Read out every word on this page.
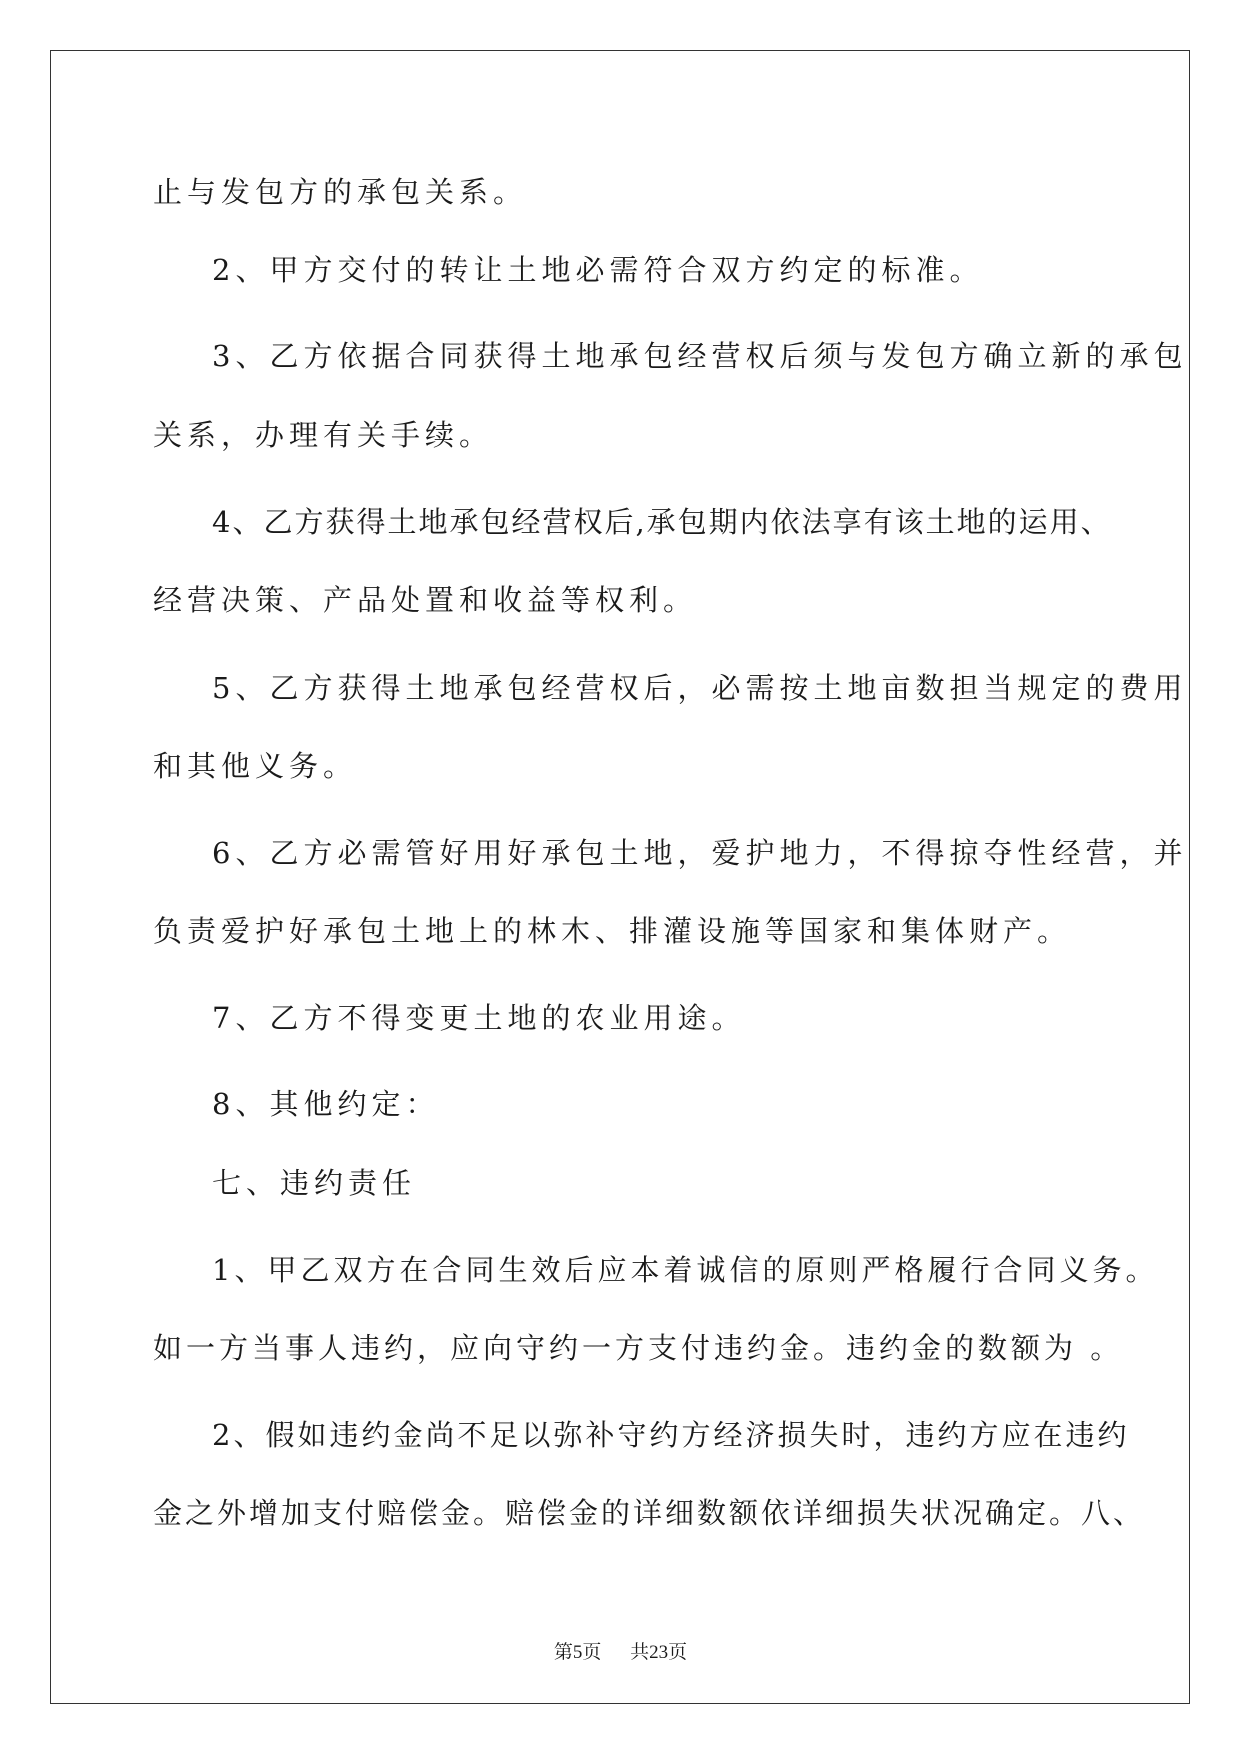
止与发包方的承包关系。
2、甲方交付的转让土地必需符合双方约定的标准。
3、乙方依据合同获得土地承包经营权后须与发包方确立新的承包
关系，办理有关手续。
4、乙方获得土地承包经营权后,承包期内依法享有该土地的运用、
经营决策、产品处置和收益等权利。
5、乙方获得土地承包经营权后，必需按土地亩数担当规定的费用
和其他义务。
6、乙方必需管好用好承包土地，爱护地力，不得掠夺性经营，并
负责爱护好承包土地上的林木、排灌设施等国家和集体财产。
7、乙方不得变更土地的农业用途。
8、其他约定：
七、违约责任
1、甲乙双方在合同生效后应本着诚信的原则严格履行合同义务。
如一方当事人违约，应向守约一方支付违约金。违约金的数额为 。
2、假如违约金尚不足以弥补守约方经济损失时，违约方应在违约
金之外增加支付赔偿金。赔偿金的详细数额依详细损失状况确定。八、
第5页 共23页
